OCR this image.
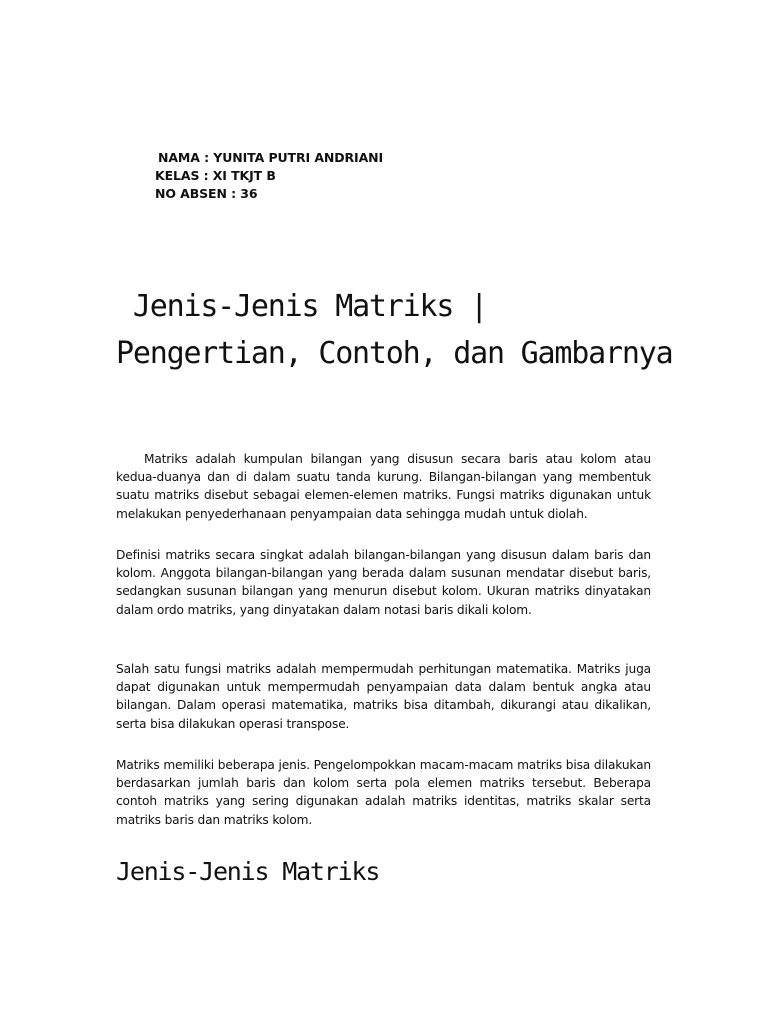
NAMA : YUNITA PUTRI ANDRIANI
KELAS : XI TKJT B
NO ABSEN : 36
Jenis-Jenis Matriks | Pengertian, Contoh, dan Gambarnya

Matriks adalah kumpulan bilangan yang disusun secara baris atau kolom atau kedua-duanya dan di dalam suatu tanda kurung. Bilangan-bilangan yang membentuk suatu matriks disebut sebagai elemen-elemen matriks. Fungsi matriks digunakan untuk melakukan penyederhanaan penyampaian data sehingga mudah untuk diolah.

Definisi matriks secara singkat adalah bilangan-bilangan yang disusun dalam baris dan kolom. Anggota bilangan-bilangan yang berada dalam susunan mendatar disebut baris, sedangkan susunan bilangan yang menurun disebut kolom. Ukuran matriks dinyatakan dalam ordo matriks, yang dinyatakan dalam notasi baris dikali kolom.

Salah satu fungsi matriks adalah mempermudah perhitungan matematika. Matriks juga dapat digunakan untuk mempermudah penyampaian data dalam bentuk angka atau bilangan. Dalam operasi matematika, matriks bisa ditambah, dikurangi atau dikalikan, serta bisa dilakukan operasi transpose.

Matriks memiliki beberapa jenis. Pengelompokkan macam-macam matriks bisa dilakukan berdasarkan jumlah baris dan kolom serta pola elemen matriks tersebut. Beberapa contoh matriks yang sering digunakan adalah matriks identitas, matriks skalar serta matriks baris dan matriks kolom.

Jenis-Jenis Matriks
